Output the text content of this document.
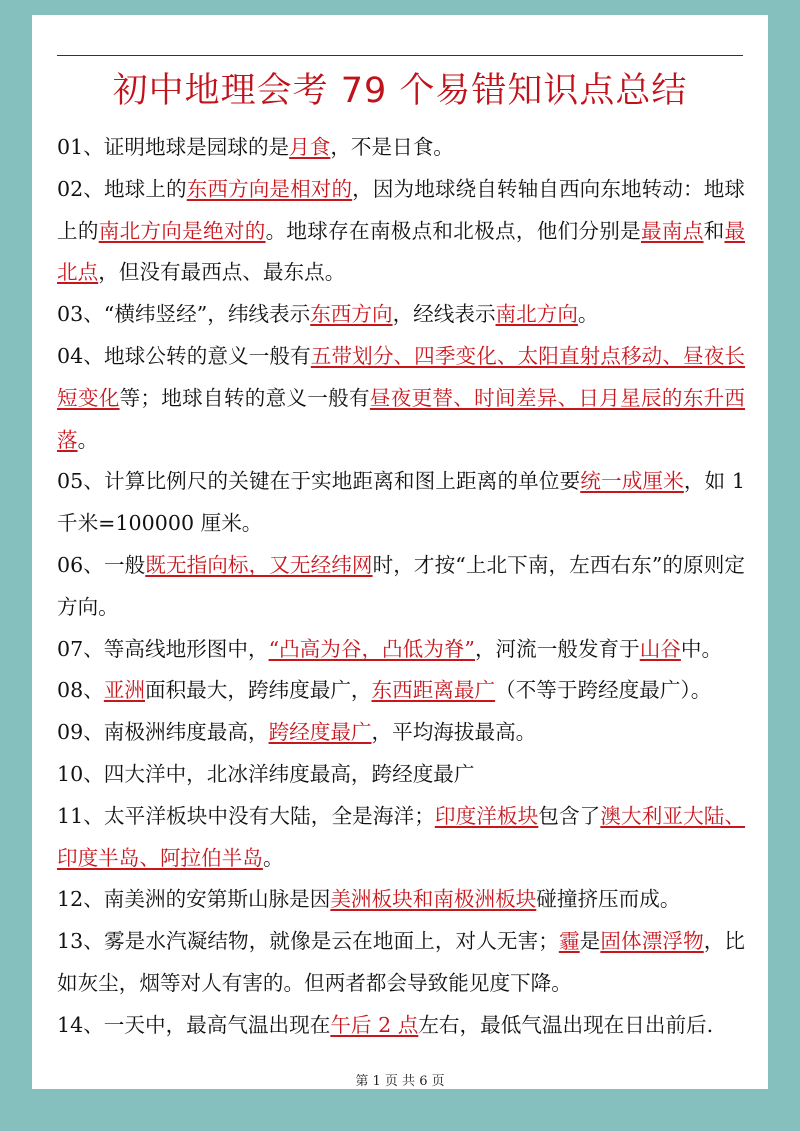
初中地理会考 79 个易错知识点总结
01、证明地球是园球的是月食，不是日食。
02、地球上的东西方向是相对的，因为地球绕自转轴自西向东地转动：地球上的南北方向是绝对的。地球存在南极点和北极点，他们分别是最南点和最北点，但没有最西点、最东点。
03、“横纬竖经”，纬线表示东西方向，经线表示南北方向。
04、地球公转的意义一般有五带划分、四季变化、太阳直射点移动、昼夜长短变化等；地球自转的意义一般有昼夜更替、时间差异、日月星辰的东升西落。
05、计算比例尺的关键在于实地距离和图上距离的单位要统一成厘米，如 1 千米=100000 厘米。
06、一般既无指向标，又无经纬网时，才按“上北下南，左西右东”的原则定方向。
07、等高线地形图中，“凸高为谷，凸低为脊”，河流一般发育于山谷中。
08、亚洲面积最大，跨纬度最广，东西距离最广（不等于跨经度最广）。
09、南极洲纬度最高，跨经度最广，平均海拔最高。
10、四大洋中，北冰洋纬度最高，跨经度最广
11、太平洋板块中没有大陆，全是海洋；印度洋板块包含了澳大利亚大陆、印度半岛、阿拉伯半岛。
12、南美洲的安第斯山脉是因美洲板块和南极洲板块碰撞挤压而成。
13、雾是水汽凝结物，就像是云在地面上，对人无害；霾是固体漂浮物，比如灰尘，烟等对人有害的。但两者都会导致能见度下降。
14、一天中，最高气温出现在午后 2 点左右，最低气温出现在日出前后.
第 1 页 共 6 页
